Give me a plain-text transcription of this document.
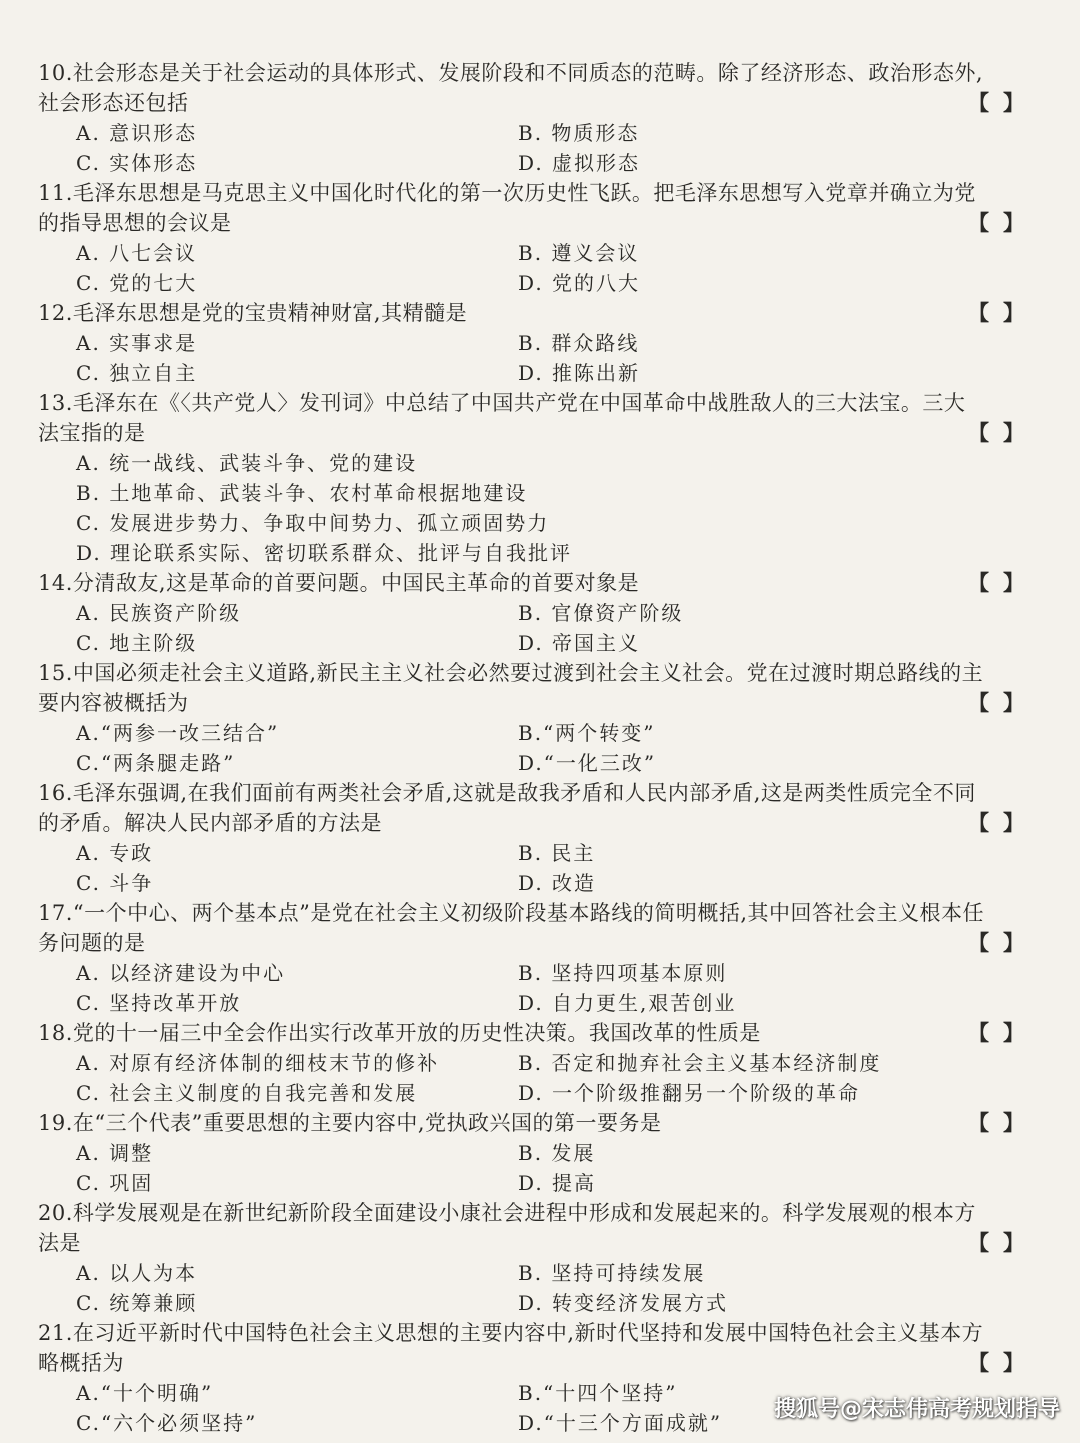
10.社会形态是关于社会运动的具体形式、发展阶段和不同质态的范畴。除了经济形态、政治形态外,社会形态还包括	【】
A. 意识形态	B. 物质形态
C. 实体形态	D. 虚拟形态
11.毛泽东思想是马克思主义中国化时代化的第一次历史性飞跃。把毛泽东思想写入党章并确立为党的指导思想的会议是	【】
A. 八七会议	B. 遵义会议
C. 党的七大	D. 党的八大
12.毛泽东思想是党的宝贵精神财富,其精髓是	【】
A. 实事求是	B. 群众路线
C. 独立自主	D. 推陈出新
13.毛泽东在《〈共产党人〉发刊词》中总结了中国共产党在中国革命中战胜敌人的三大法宝。三大法宝指的是	【】
A. 统一战线、武装斗争、党的建设
B. 土地革命、武装斗争、农村革命根据地建设
C. 发展进步势力、争取中间势力、孤立顽固势力
D. 理论联系实际、密切联系群众、批评与自我批评
14.分清敌友,这是革命的首要问题。中国民主革命的首要对象是	【】
A. 民族资产阶级	B. 官僚资产阶级
C. 地主阶级	D. 帝国主义
15.中国必须走社会主义道路,新民主主义社会必然要过渡到社会主义社会。党在过渡时期总路线的主要内容被概括为	【】
A.“两参一改三结合”	B.“两个转变”
C.“两条腿走路”	D.“一化三改”
16.毛泽东强调,在我们面前有两类社会矛盾,这就是敌我矛盾和人民内部矛盾,这是两类性质完全不同的矛盾。解决人民内部矛盾的方法是	【】
A. 专政	B. 民主
C. 斗争	D. 改造
17.“一个中心、两个基本点”是党在社会主义初级阶段基本路线的简明概括,其中回答社会主义根本任务问题的是	【】
A. 以经济建设为中心	B. 坚持四项基本原则
C. 坚持改革开放	D. 自力更生,艰苦创业
18.党的十一届三中全会作出实行改革开放的历史性决策。我国改革的性质是	【】
A. 对原有经济体制的细枝末节的修补	B. 否定和抛弃社会主义基本经济制度
C. 社会主义制度的自我完善和发展	D. 一个阶级推翻另一个阶级的革命
19.在“三个代表”重要思想的主要内容中,党执政兴国的第一要务是	【】
A. 调整	B. 发展
C. 巩固	D. 提高
20.科学发展观是在新世纪新阶段全面建设小康社会进程中形成和发展起来的。科学发展观的根本方法是	【】
A. 以人为本	B. 坚持可持续发展
C. 统筹兼顾	D. 转变经济发展方式
21.在习近平新时代中国特色社会主义思想的主要内容中,新时代坚持和发展中国特色社会主义基本方略概括为	【】
A.“十个明确”	B.“十四个坚持”
C.“六个必须坚持”	D.“十三个方面成就”
搜狐号@宋志伟高考规划指导
